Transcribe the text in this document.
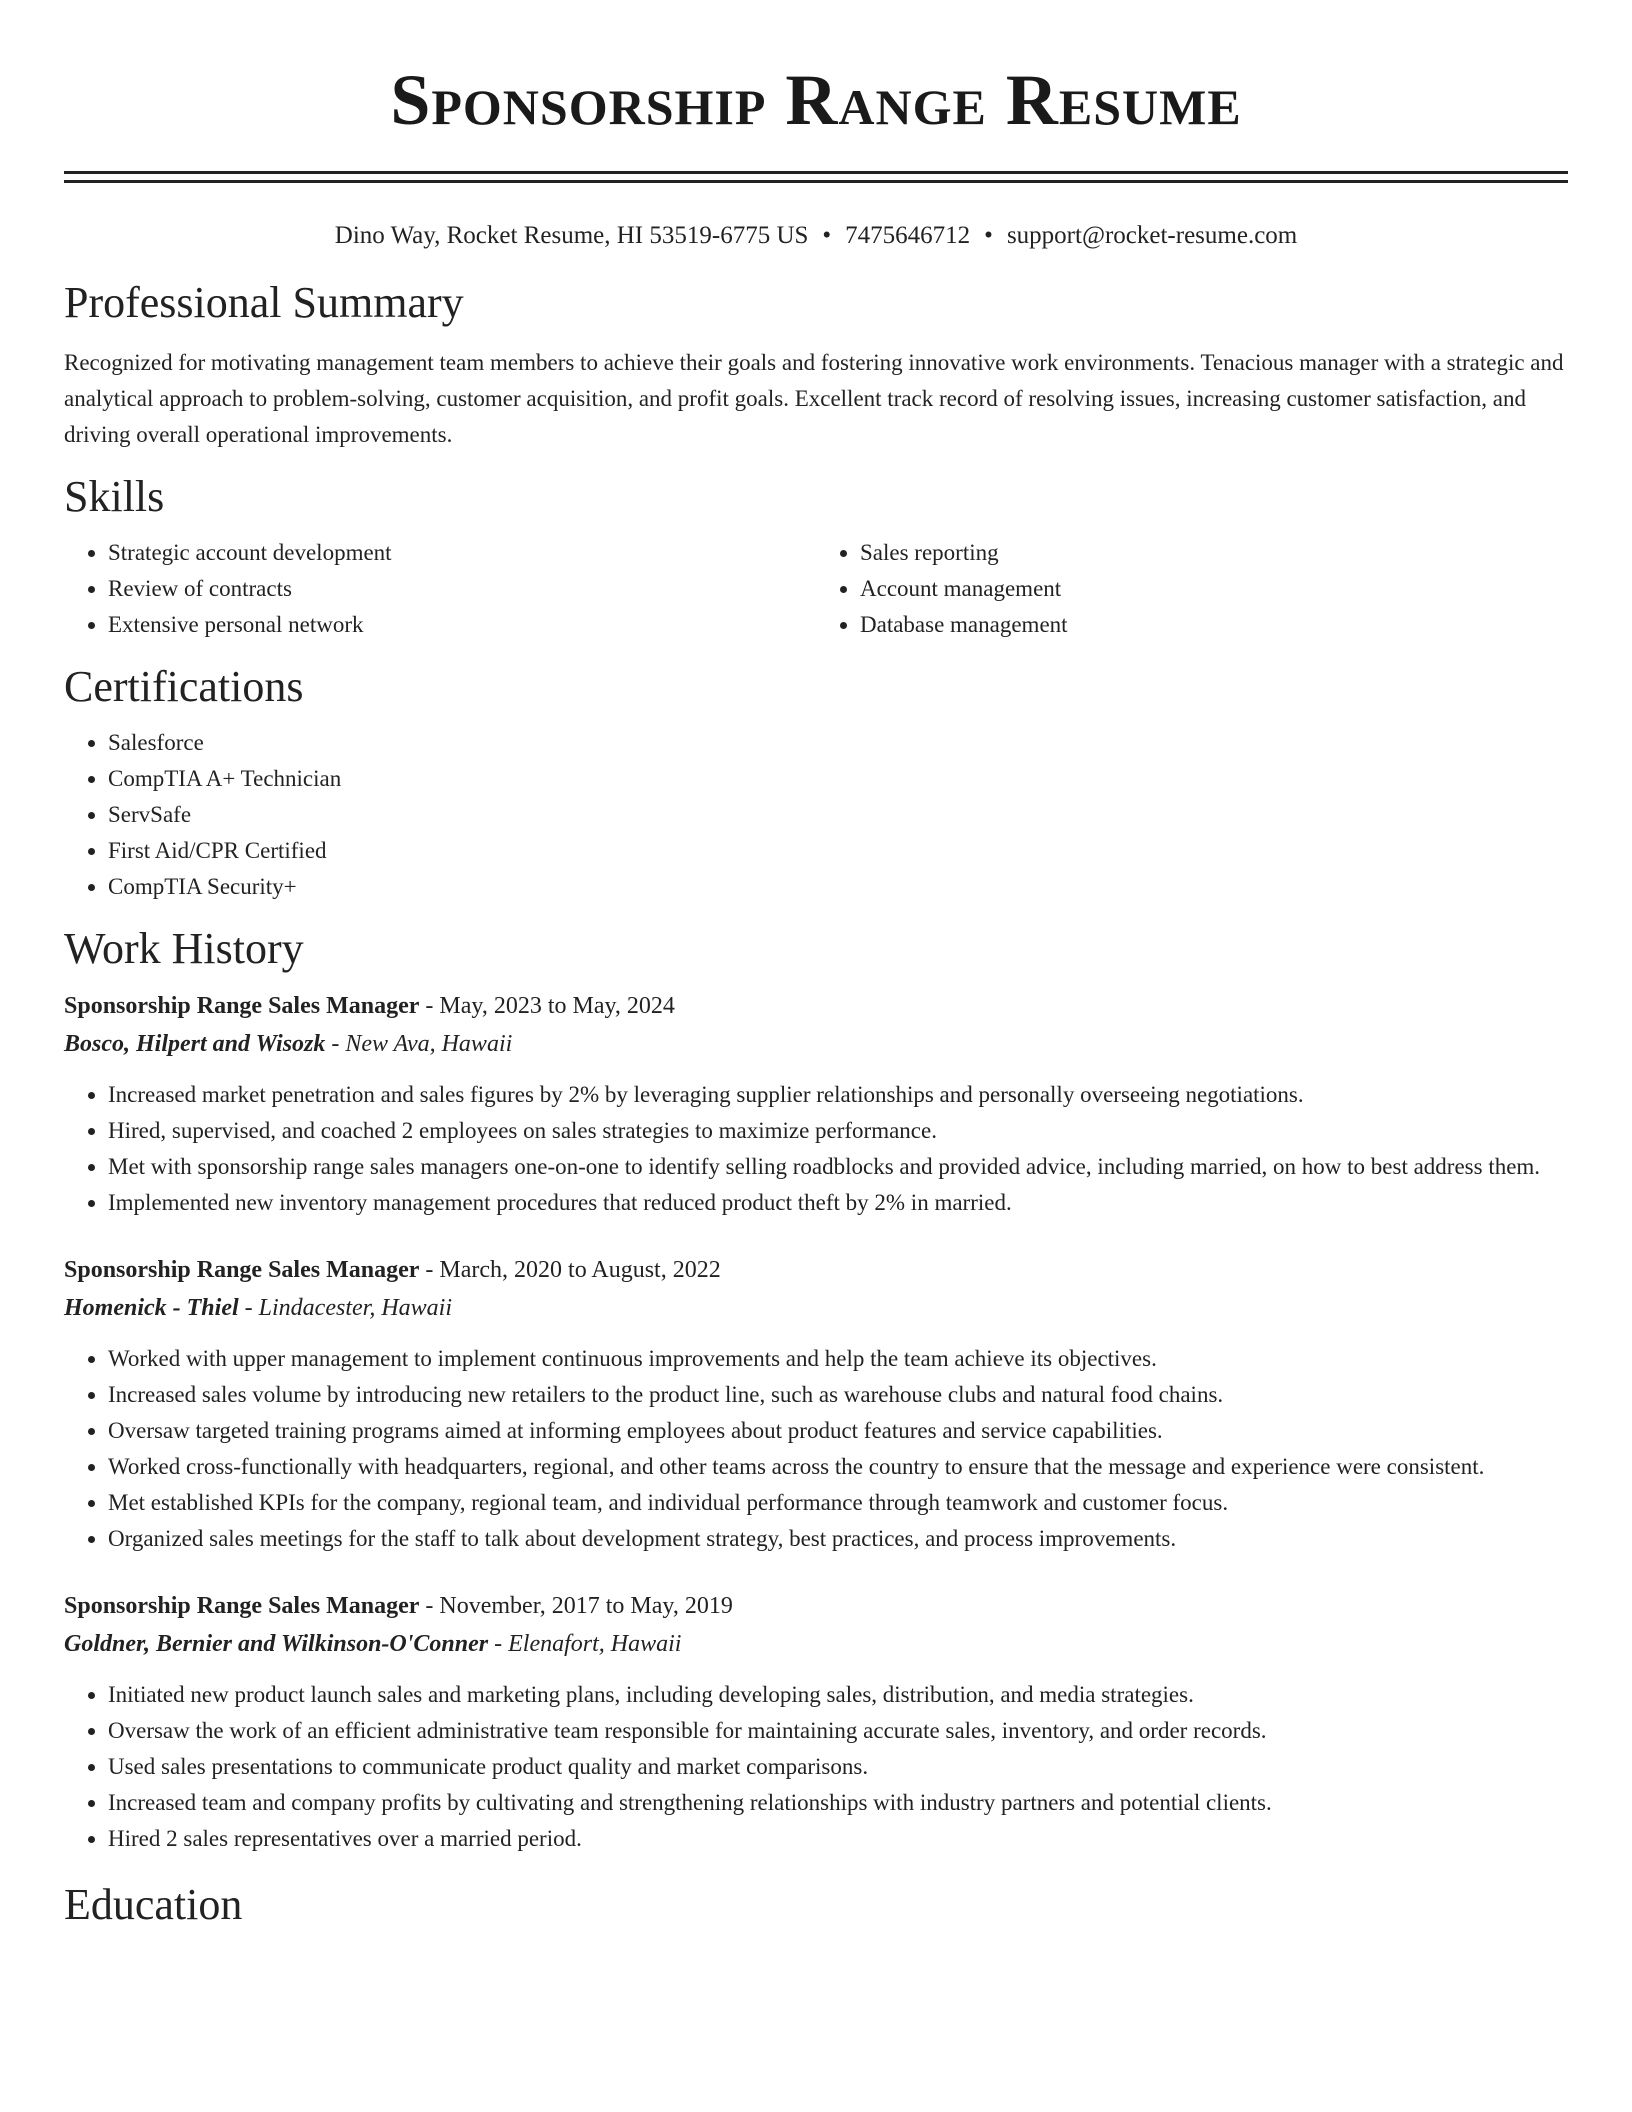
Sponsorship Range Resume
Dino Way, Rocket Resume, HI 53519-6775 US • 7475646712 • support@rocket-resume.com
Professional Summary

Recognized for motivating management team members to achieve their goals and fostering innovative work environments. Tenacious manager with a strategic and analytical approach to problem-solving, customer acquisition, and profit goals. Excellent track record of resolving issues, increasing customer satisfaction, and driving overall operational improvements.

Skills
• Strategic account development
• Review of contracts
• Extensive personal network
• Sales reporting
• Account management
• Database management
Certifications
• Salesforce
• CompTIA A+ Technician
• ServSafe
• First Aid/CPR Certified
• CompTIA Security+
Work History
Sponsorship Range Sales Manager - May, 2023 to May, 2024
Bosco, Hilpert and Wisozk - New Ava, Hawaii
• Increased market penetration and sales figures by 2% by leveraging supplier relationships and personally overseeing negotiations.
• Hired, supervised, and coached 2 employees on sales strategies to maximize performance.
• Met with sponsorship range sales managers one-on-one to identify selling roadblocks and provided advice, including married, on how to best address them.
• Implemented new inventory management procedures that reduced product theft by 2% in married.
Sponsorship Range Sales Manager - March, 2020 to August, 2022
Homenick - Thiel - Lindacester, Hawaii
• Worked with upper management to implement continuous improvements and help the team achieve its objectives.
• Increased sales volume by introducing new retailers to the product line, such as warehouse clubs and natural food chains.
• Oversaw targeted training programs aimed at informing employees about product features and service capabilities.
• Worked cross-functionally with headquarters, regional, and other teams across the country to ensure that the message and experience were consistent.
• Met established KPIs for the company, regional team, and individual performance through teamwork and customer focus.
• Organized sales meetings for the staff to talk about development strategy, best practices, and process improvements.
Sponsorship Range Sales Manager - November, 2017 to May, 2019
Goldner, Bernier and Wilkinson-O'Conner - Elenafort, Hawaii
• Initiated new product launch sales and marketing plans, including developing sales, distribution, and media strategies.
• Oversaw the work of an efficient administrative team responsible for maintaining accurate sales, inventory, and order records.
• Used sales presentations to communicate product quality and market comparisons.
• Increased team and company profits by cultivating and strengthening relationships with industry partners and potential clients.
• Hired 2 sales representatives over a married period.
Education
